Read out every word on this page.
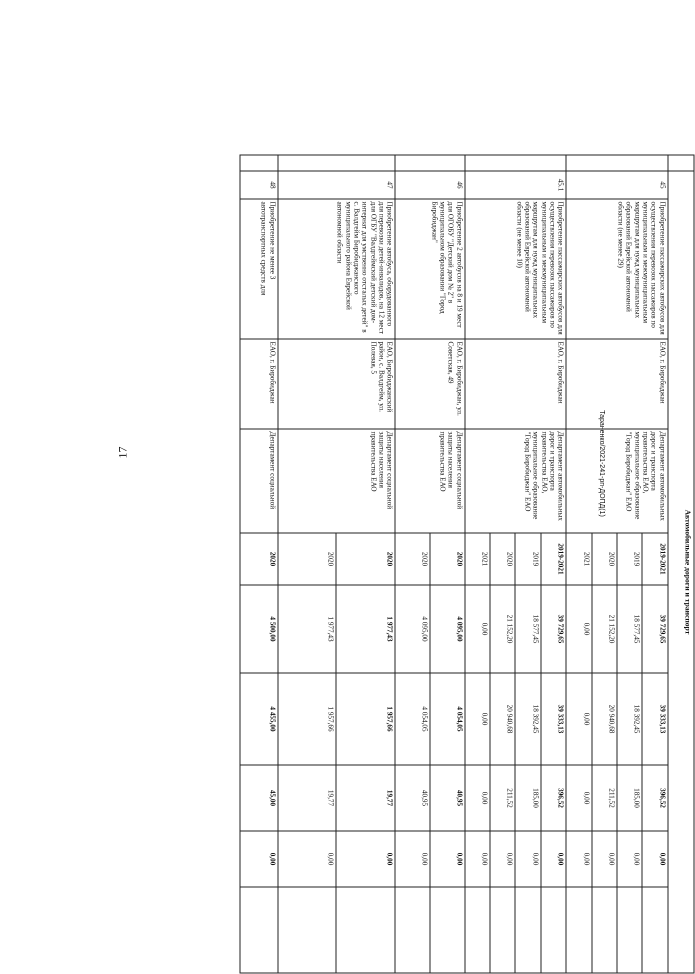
17	Тараненко/2021-241-рп-ДОПД(1)
	Автомобильные дороги и транспорт									
	45	Приобретение пассажирских автобусов для осуществления перевозок пассажиров по муниципальным и межмуниципальным маршрутам для нужд муниципальных образований Еврейской автономной области (не менее 29)	ЕАО, г. Биробиджан	Департамент автомобильных дорог и транспорта правительства ЕАО, муниципальное образование "Город Биробиджан" ЕАО	2019-2021	39 729,65	39 333,13	396,52	0,00	
					2019	18 577,45	18 392,45	185,00	0,00	
					2020	21 152,20	20 940,68	211,52	0,00	
					2021	0,00	0,00	0,00	0,00	
	45.1	Приобретение пассажирских автобусов для осуществления перевозок пассажиров по муниципальным и межмуниципальным маршрутам для нужд муниципальных образований Еврейской автономной области (не менее 10)	ЕАО, г. Биробиджан	Департамент автомобильных дорог и транспорта правительства ЕАО, муниципальное образование "Город Биробиджан" ЕАО	2019-2021	39 729,65	39 333,13	396,52	0,00	
					2019	18 577,45	18 392,45	185,00	0,00	
					2020	21 152,20	20 940,68	211,52	0,00	
					2021	0,00	0,00	0,00	0,00	
	46	Приобретение 2 автобусов на 8 и 19 мест для ОГОБУ "Детский дом № 2" в муниципальном образовании "Город Биробиджан"	ЕАО, г. Биробиджан, ул. Советская, 49	Департамент социальной защиты населения правительства ЕАО	2020	4 095,00	4 054,05	40,95	0,00	
					2020	4 095,00	4 054,05	40,95	0,00	
	47	Приобретение автобуса, оборудованного для перевозки детей-инвалидов, на 12 мест для ОГБУ "Валдгеймский детский дом-интернат для умственно отсталых детей" в с. Валдгейм Биробиджанского муниципального района Еврейской автономной области	ЕАО, Биробиджанский район, с. Валдгейм, ул. Полевая, 5	Департамент социальной защиты населения правительства ЕАО	2020	1 977,43	1 957,66	19,77	0,00	
					2020	1 977,43	1 957,66	19,77	0,00	
	48	Приобретение не менее 3 автотранспортных средств для	ЕАО, г. Биробиджан	Департамент социальной	2020	4 500,00	4 455,00	45,00	0,00	
